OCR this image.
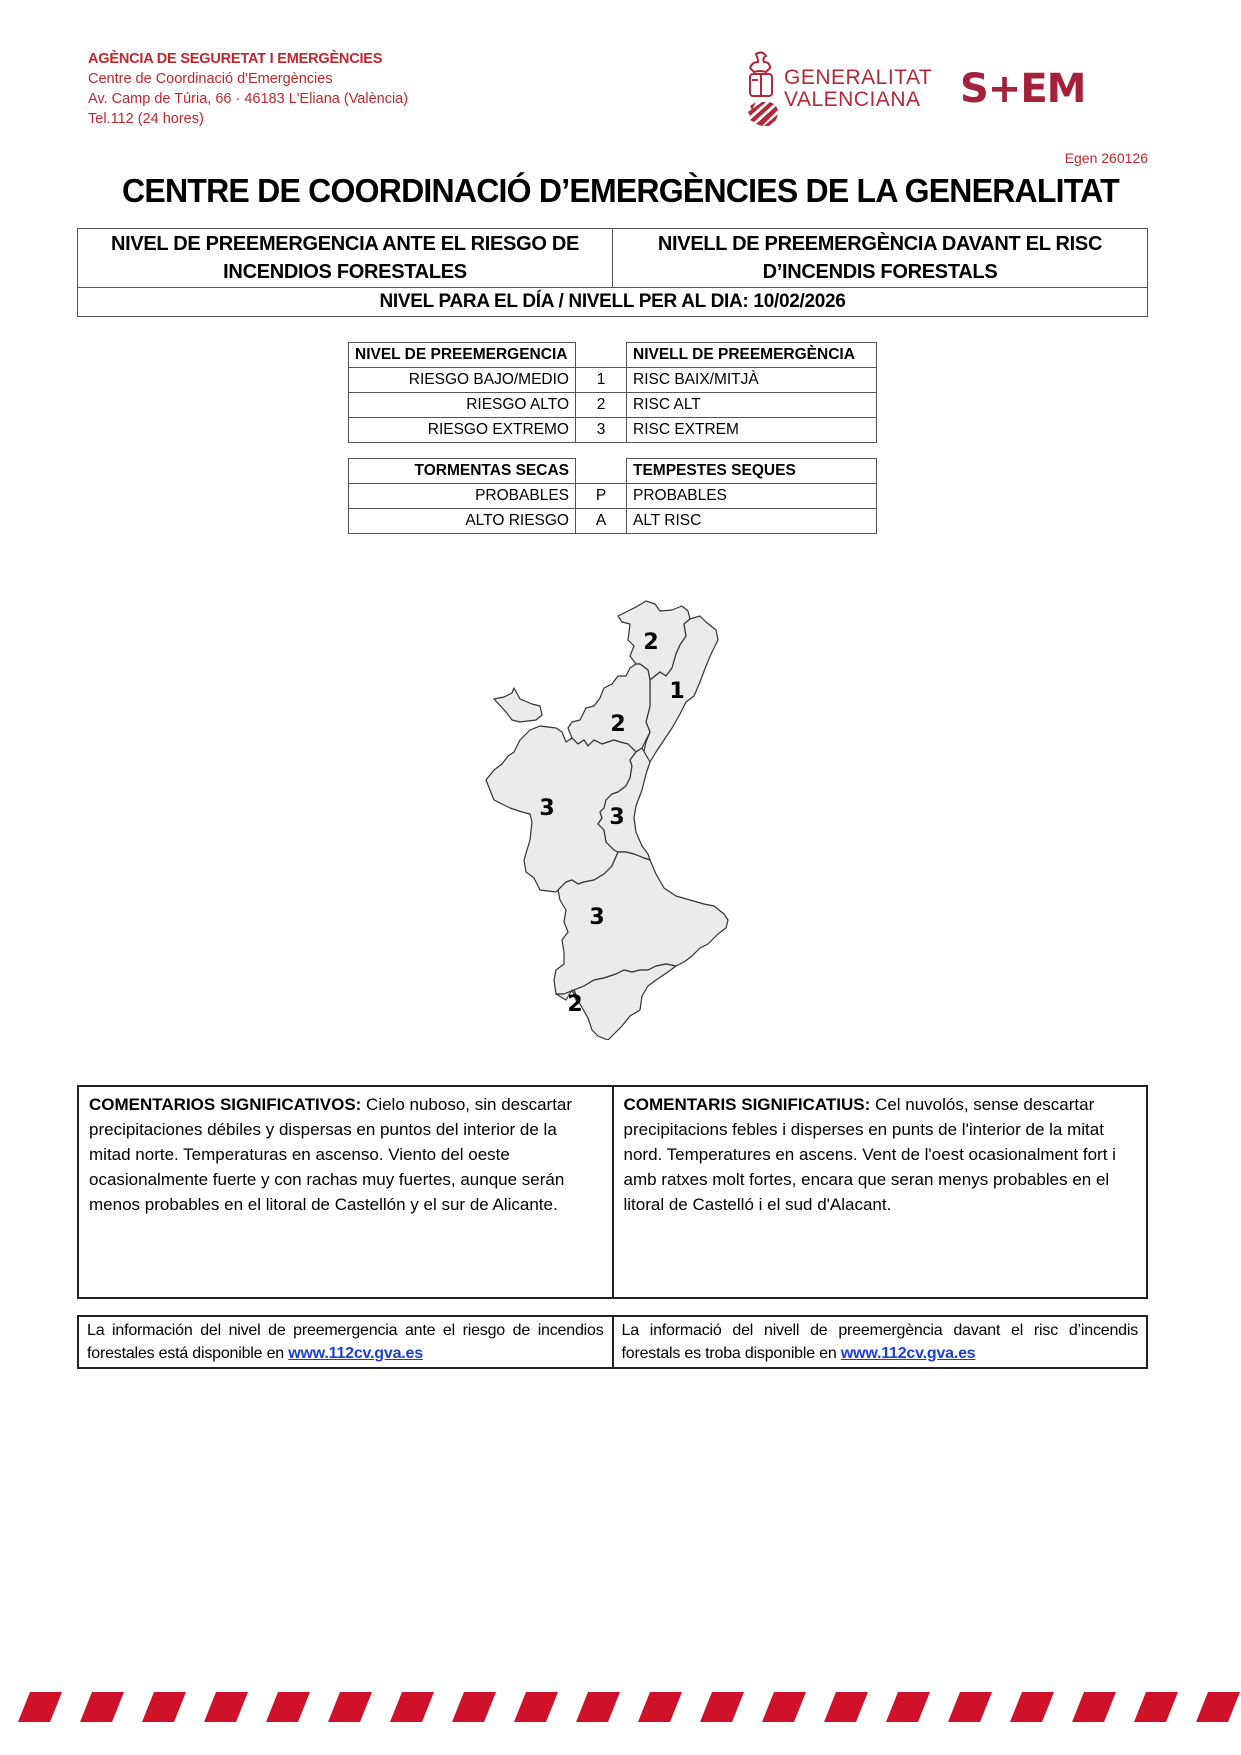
AGÈNCIA DE SEGURETAT I EMERGÈNCIES
Centre de Coordinació d'Emergències
Av. Camp de Túria, 66 · 46183 L'Eliana (València)
Tel.112 (24 hores)
GENERALITAT
VALENCIANA S+EM
Egen 260126
CENTRE DE COORDINACIÓ D’EMERGÈNCIES DE LA GENERALITAT
NIVEL DE PREEMERGENCIA ANTE EL RIESGO DE INCENDIOS FORESTALES	NIVELL DE PREEMERGÈNCIA DAVANT EL RISC D’INCENDIS FORESTALS
NIVEL PARA EL DÍA / NIVELL PER AL DIA: 10/02/2026
NIVEL DE PREEMERGENCIA		NIVELL DE PREEMERGÈNCIA
RIESGO BAJO/MEDIO	1	RISC BAIX/MITJÀ
RIESGO ALTO	2	RISC ALT
RIESGO EXTREMO	3	RISC EXTREM
TORMENTAS SECAS		TEMPESTES SEQUES
PROBABLES	P	PROBABLES
ALTO RIESGO	A	ALT RISC
2
1
2
3 3
3
2
COMENTARIOS SIGNIFICATIVOS: Cielo nuboso, sin descartar precipitaciones débiles y dispersas en puntos del interior de la mitad norte. Temperaturas en ascenso. Viento del oeste ocasionalmente fuerte y con rachas muy fuertes, aunque serán menos probables en el litoral de Castellón y el sur de Alicante.	COMENTARIS SIGNIFICATIUS: Cel nuvolós, sense descartar precipitacions febles i disperses en punts de l'interior de la mitat nord. Temperatures en ascens. Vent de l'oest ocasionalment fort i amb ratxes molt fortes, encara que seran menys probables en el litoral de Castelló i el sud d'Alacant.
La información del nivel de preemergencia ante el riesgo de incendios forestales está disponible en www.112cv.gva.es	La informació del nivell de preemergència davant el risc d’incendis forestals es troba disponible en www.112cv.gva.es
